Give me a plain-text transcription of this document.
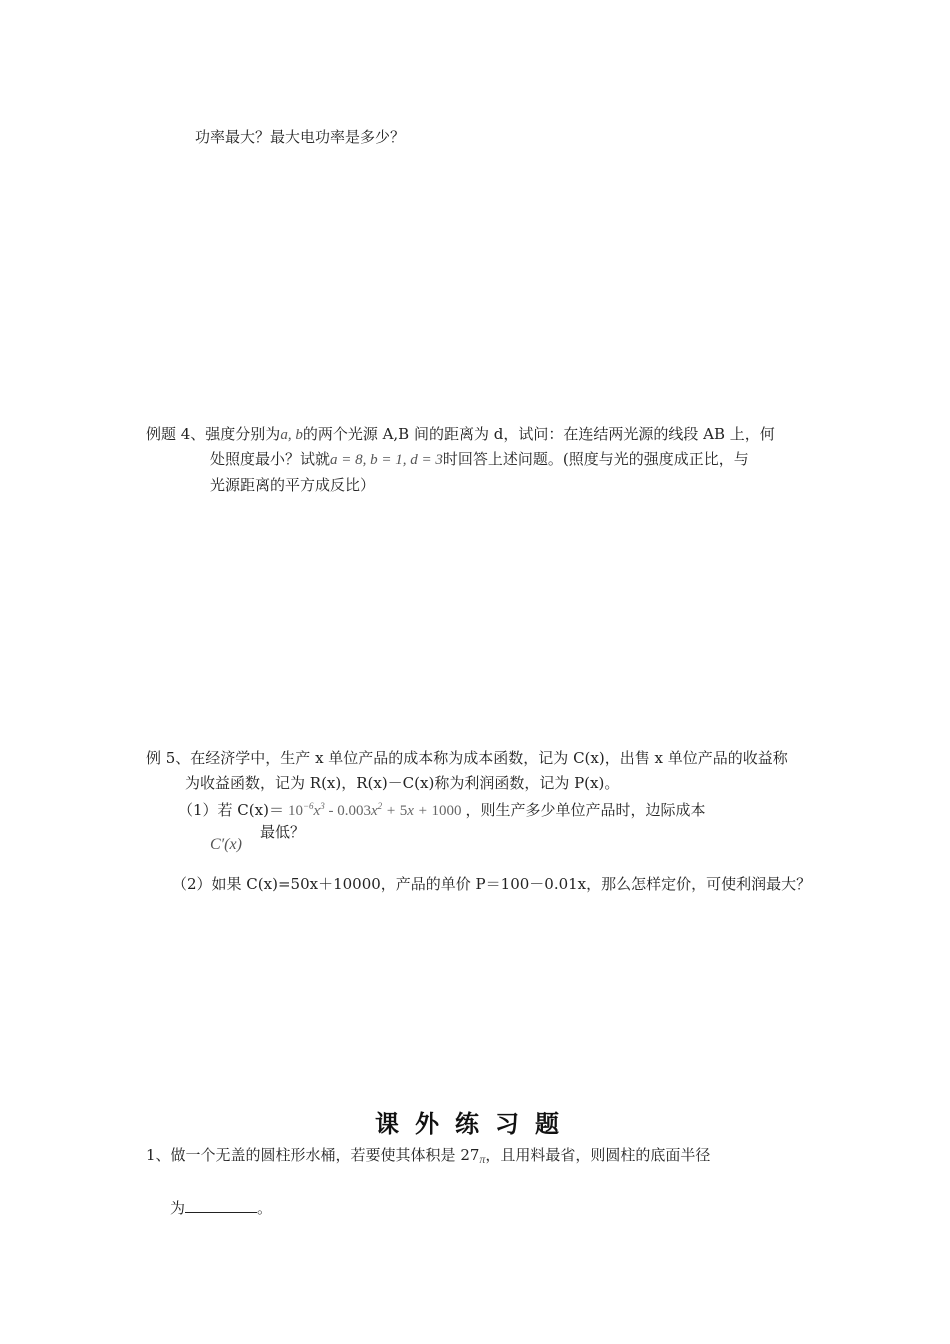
功率最大？最大电功率是多少？
例题 4、强度分别为a, b的两个光源 A,B 间的距离为 d，试问：在连结两光源的线段 AB 上，何
处照度最小？试就a = 8, b = 1, d = 3时回答上述问题。(照度与光的强度成正比，与
光源距离的平方成反比）
例 5、在经济学中，生产 x 单位产品的成本称为成本函数，记为 C(x)，出售 x 单位产品的收益称
为收益函数，记为 R(x)，R(x)－C(x)称为利润函数，记为 P(x)。
（1）若 $C(x)= 10^{-6}x^3 - 0.003x^2 + 5x + 1000$ ，则生产多少单位产品时，边际成本
最低？
C′(x)
（2）如果 C(x)=50x＋10000，产品的单价 P＝100－0.01x，那么怎样定价，可使利润最大？
课外练习题
1、做一个无盖的圆柱形水桶，若要使其体积是 $27_\pi$，且用料最省，则圆柱的底面半径
为	。
